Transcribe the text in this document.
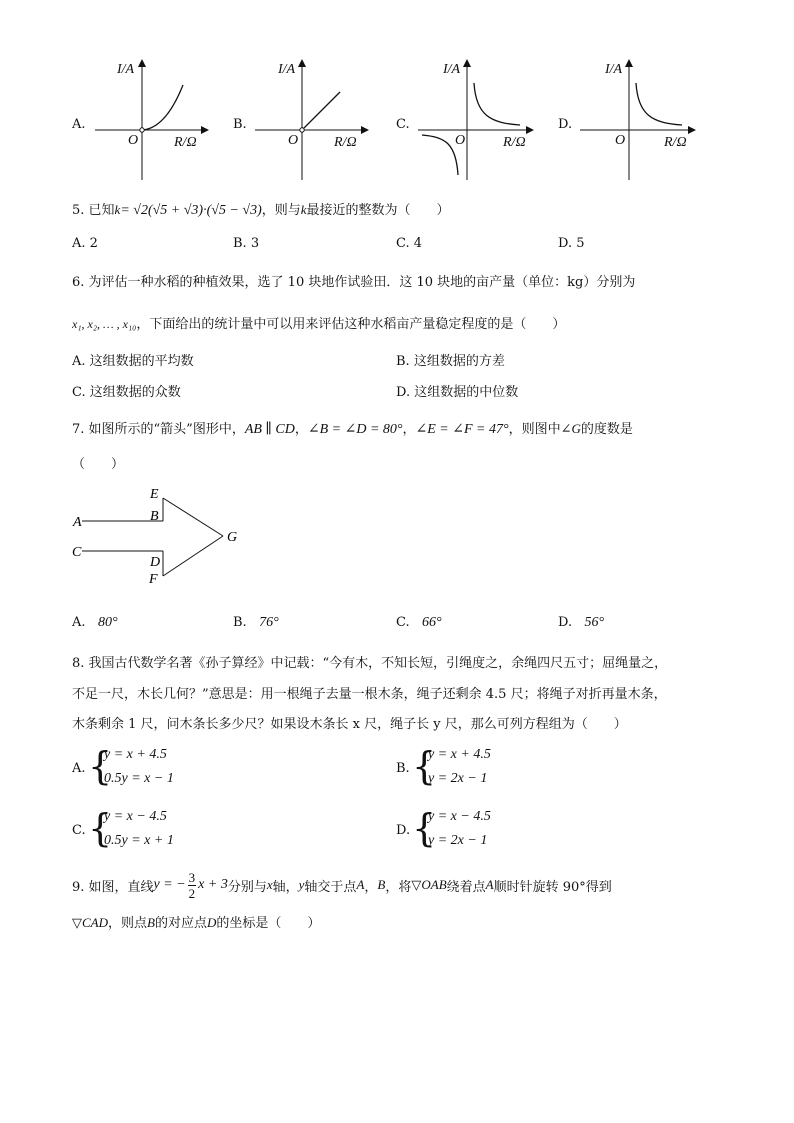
A.
I/A
R/Ω
O
B.
I/A
R/Ω
O
C.
I/A
R/Ω
O
D.
I/A
R/Ω
O
5. 已知k= √2(√5 + √3)·(√5 − √3)，则与k最接近的整数为（　　）
A. 2	B. 3	C. 4	D. 5
6. 为评估一种水稻的种植效果，选了 10 块地作试验田．这 10 块地的亩产量（单位：kg）分别为
x₁, x₂, … , x₁₀，下面给出的统计量中可以用来评估这种水稻亩产量稳定程度的是（　　）
A. 这组数据的平均数	B. 这组数据的方差
C. 这组数据的众数	D. 这组数据的中位数
7. 如图所示的“箭头”图形中，AB ∥ CD，∠B = ∠D = 80°，∠E = ∠F = 47°，则图中∠G的度数是
（　　）
A
C
E
B
D
F
G
A. 80°	B. 76°	C. 66°	D. 56°
8. 我国古代数学名著《孙子算经》中记载：“今有木，不知长短，引绳度之，余绳四尺五寸；屈绳量之，
不足一尺，木长几何？”意思是：用一根绳子去量一根木条，绳子还剩余 4.5 尺；将绳子对折再量木条，
木条剩余 1 尺，问木条长多少尺？如果设木条长 x 尺，绳子长 y 尺，那么可列方程组为（　　）
A. {
y = x + 4.5
0.5y = x − 1
B. {
y = x + 4.5
y = 2x − 1
C. {
y = x − 4.5
0.5y = x + 1
D. {
y = x − 4.5
y = 2x − 1
9. 如图，直线 y = − $\frac{3}{2}$ x + 3 分别与 x 轴， y 轴交于点 A ， B ，将 ▽OAB 绕着点 A 顺时针旋转 90°得到
▽CAD，则点B的对应点D的坐标是（　　）
